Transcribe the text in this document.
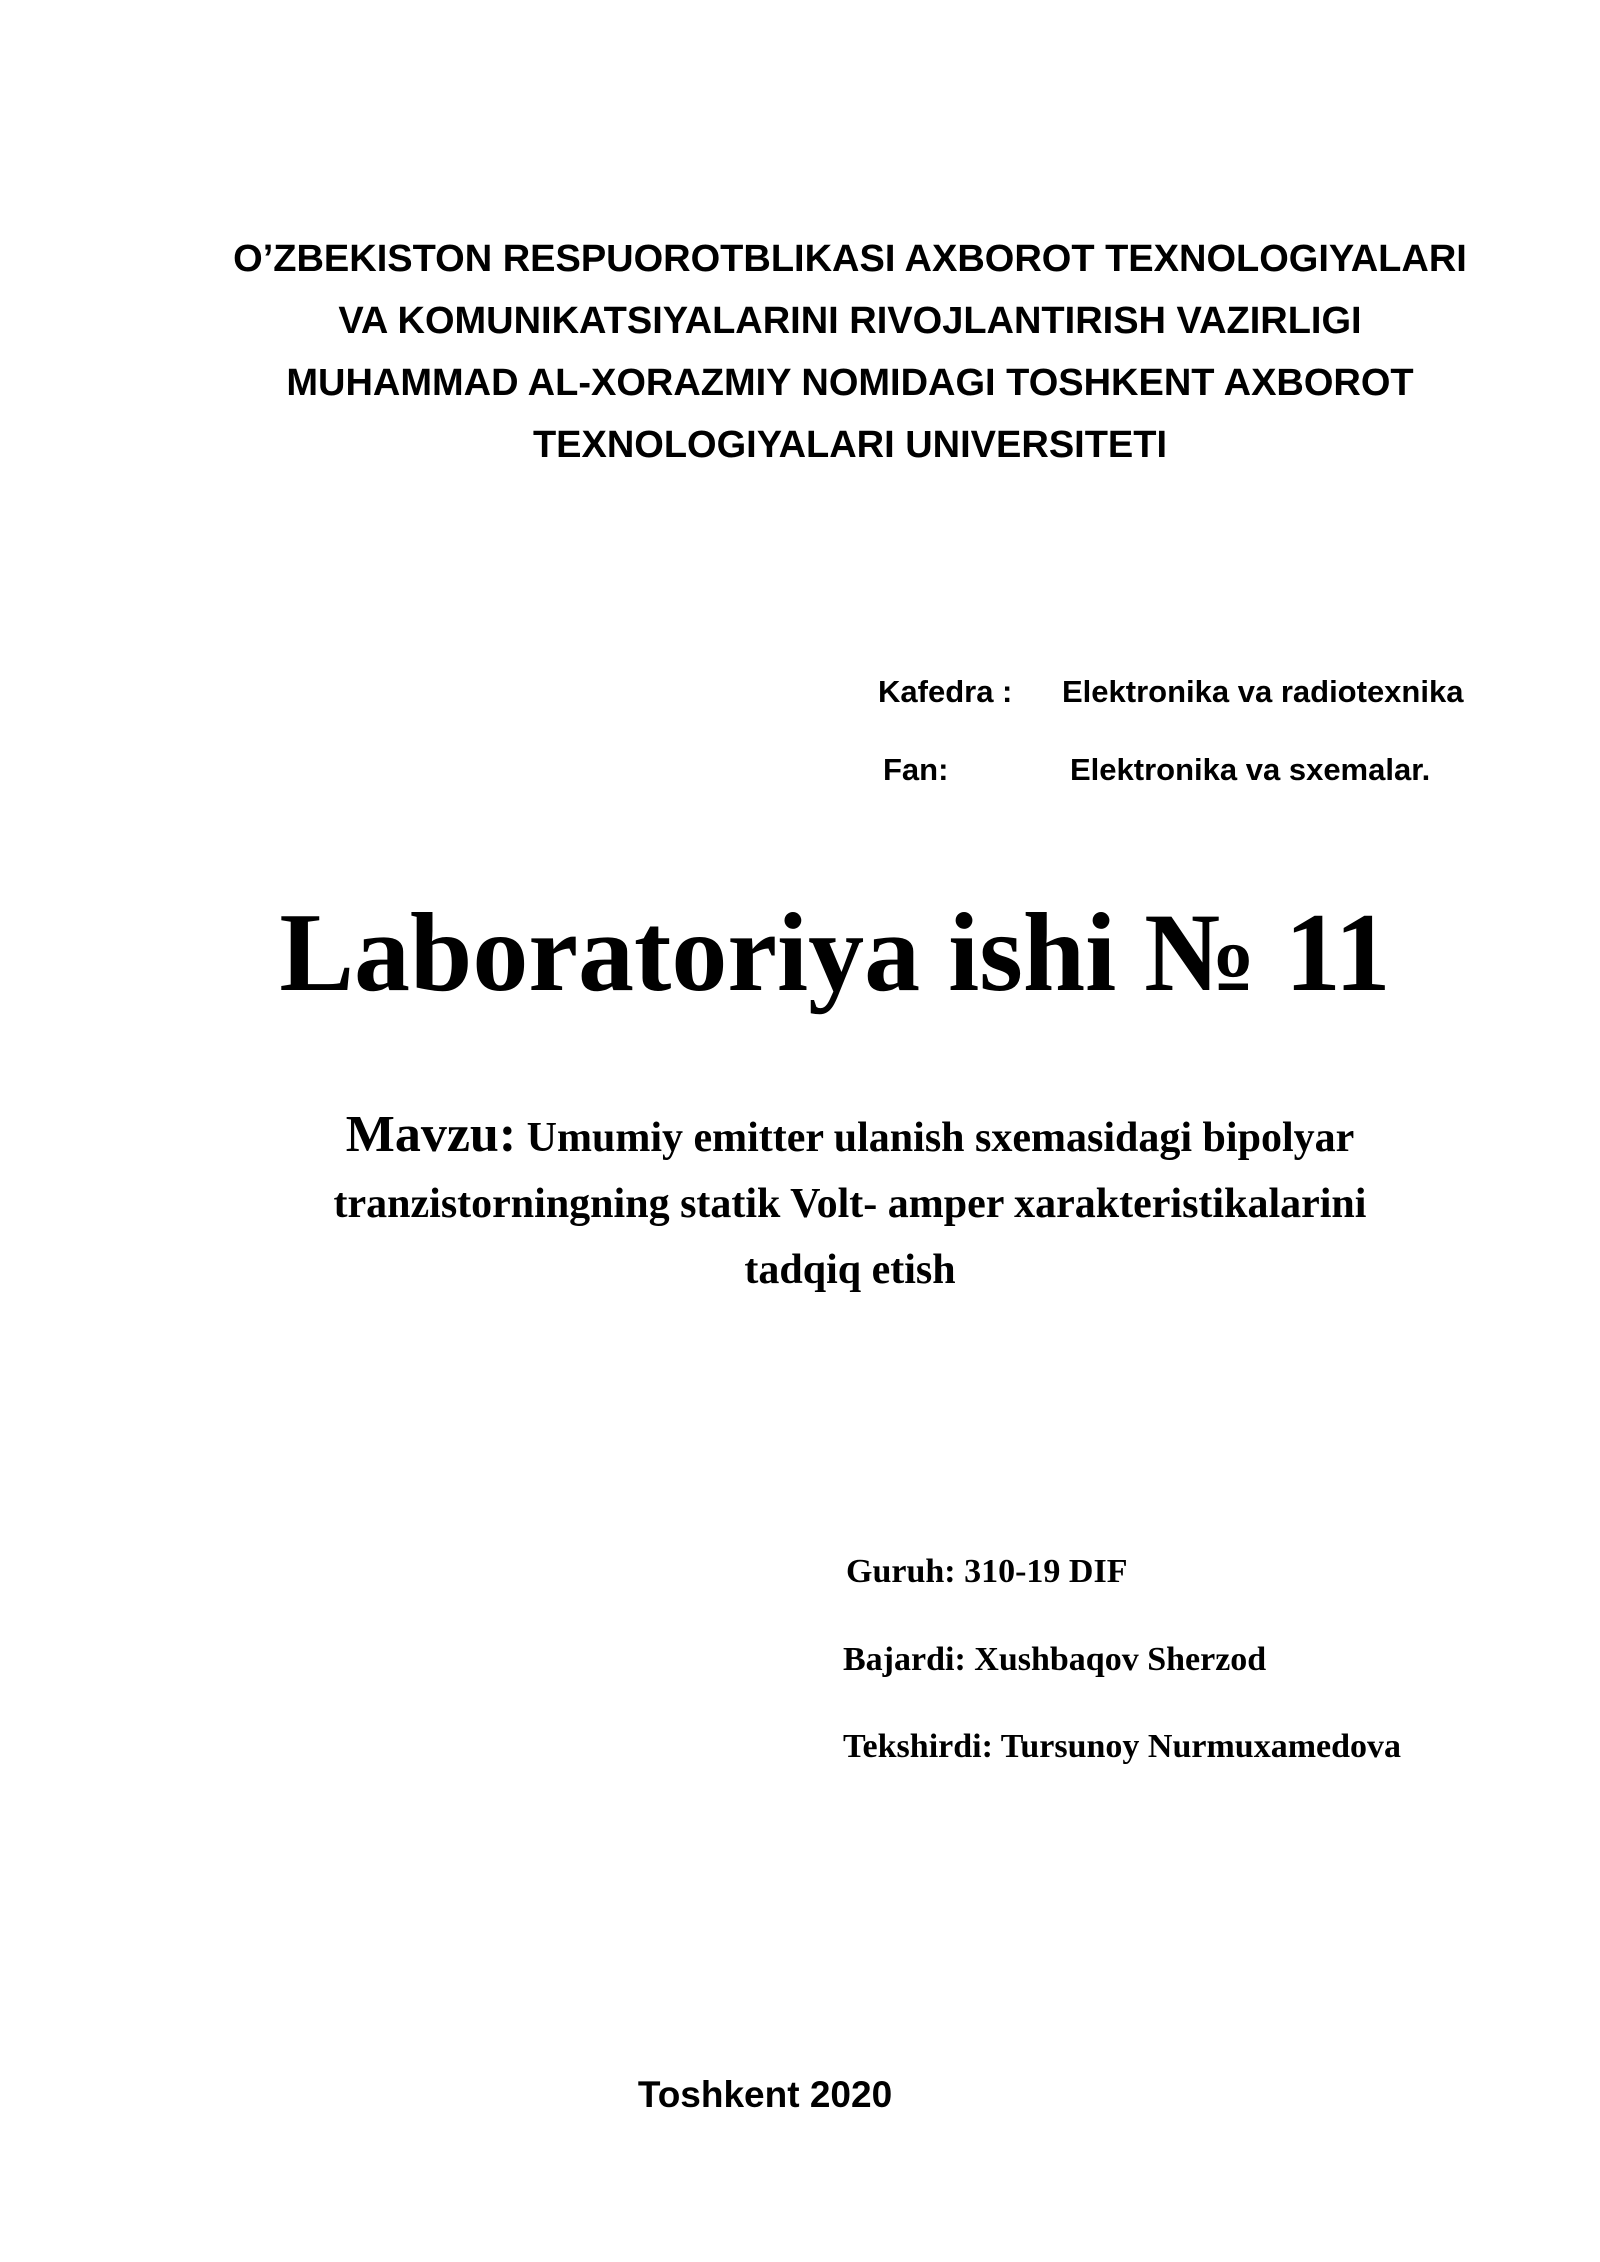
O’ZBEKISTON RESPUOROTBLIKASI AXBOROT TEXNOLOGIYALARI
VA KOMUNIKATSIYALARINI RIVOJLANTIRISH VAZIRLIGI
MUHAMMAD AL-XORAZMIY NOMIDAGI TOSHKENT AXBOROT
TEXNOLOGIYALARI UNIVERSITETI
Kafedra : Elektronika va radiotexnika
Fan:	Elektronika va sxemalar.
Laboratoriya ishi № 11
Mavzu: Umumiy emitter ulanish sxemasidagi bipolyar
tranzistorningning statik Volt- amper xarakteristikalarini
tadqiq etish
Guruh: 310-19 DIF
Bajardi: Xushbaqov Sherzod
Tekshirdi: Tursunoy Nurmuxamedova
Toshkent 2020
